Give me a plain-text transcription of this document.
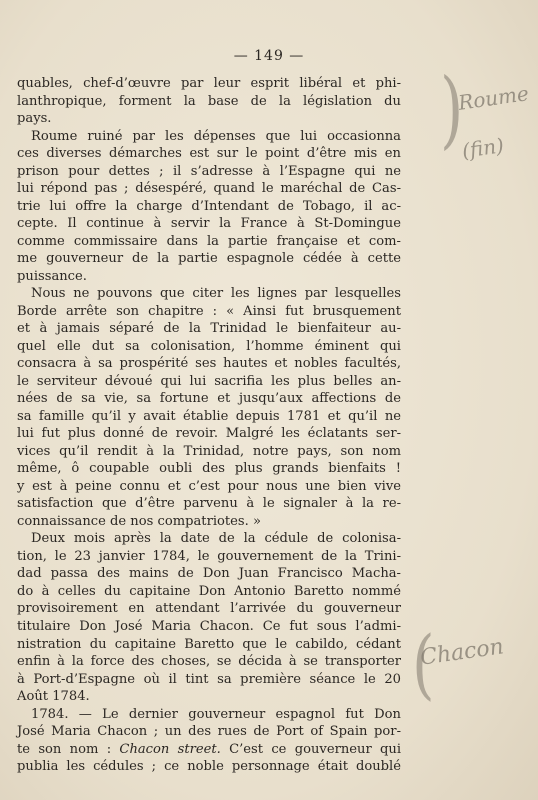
— 149 —
quables, chef-d’œuvre par leur esprit libéral et phi-
lanthropique, forment la base de la législation du
pays.
Roume ruiné par les dépenses que lui occasionna
ces diverses démarches est sur le point d’être mis en
prison pour dettes ; il s’adresse à l’Espagne qui ne
lui répond pas ; désespéré, quand le maréchal de Cas-
trie lui offre la charge d’Intendant de Tobago, il ac-
cepte. Il continue à servir la France à St-Domingue
comme commissaire dans la partie française et com-
me gouverneur de la partie espagnole cédée à cette
puissance.
Nous ne pouvons que citer les lignes par lesquelles
Borde arrête son chapitre : « Ainsi fut brusquement
et à jamais séparé de la Trinidad le bienfaiteur au-
quel elle dut sa colonisation, l’homme éminent qui
consacra à sa prospérité ses hautes et nobles facultés,
le serviteur dévoué qui lui sacrifia les plus belles an-
nées de sa vie, sa fortune et jusqu’aux affections de
sa famille qu’il y avait établie depuis 1781 et qu’il ne
lui fut plus donné de revoir. Malgré les éclatants ser-
vices qu’il rendit à la Trinidad, notre pays, son nom
même, ô coupable oubli des plus grands bienfaits !
y est à peine connu et c’est pour nous une bien vive
satisfaction que d’être parvenu à le signaler à la re-
connaissance de nos compatriotes. »
Deux mois après la date de la cédule de colonisa-
tion, le 23 janvier 1784, le gouvernement de la Trini-
dad passa des mains de Don Juan Francisco Macha-
do à celles du capitaine Don Antonio Baretto nommé
provisoirement en attendant l’arrivée du gouverneur
titulaire Don José Maria Chacon. Ce fut sous l’admi-
nistration du capitaine Baretto que le cabildo, cédant
enfin à la force des choses, se décida à se transporter
à Port-d’Espagne où il tint sa première séance le 20
Août 1784.
1784. — Le dernier gouverneur espagnol fut Don
José Maria Chacon ; un des rues de Port of Spain por-
te son nom : Chacon street. C’est ce gouverneur qui
publia les cédules ; ce noble personnage était doublé
)
Roume
(fin)
(
Chacon
